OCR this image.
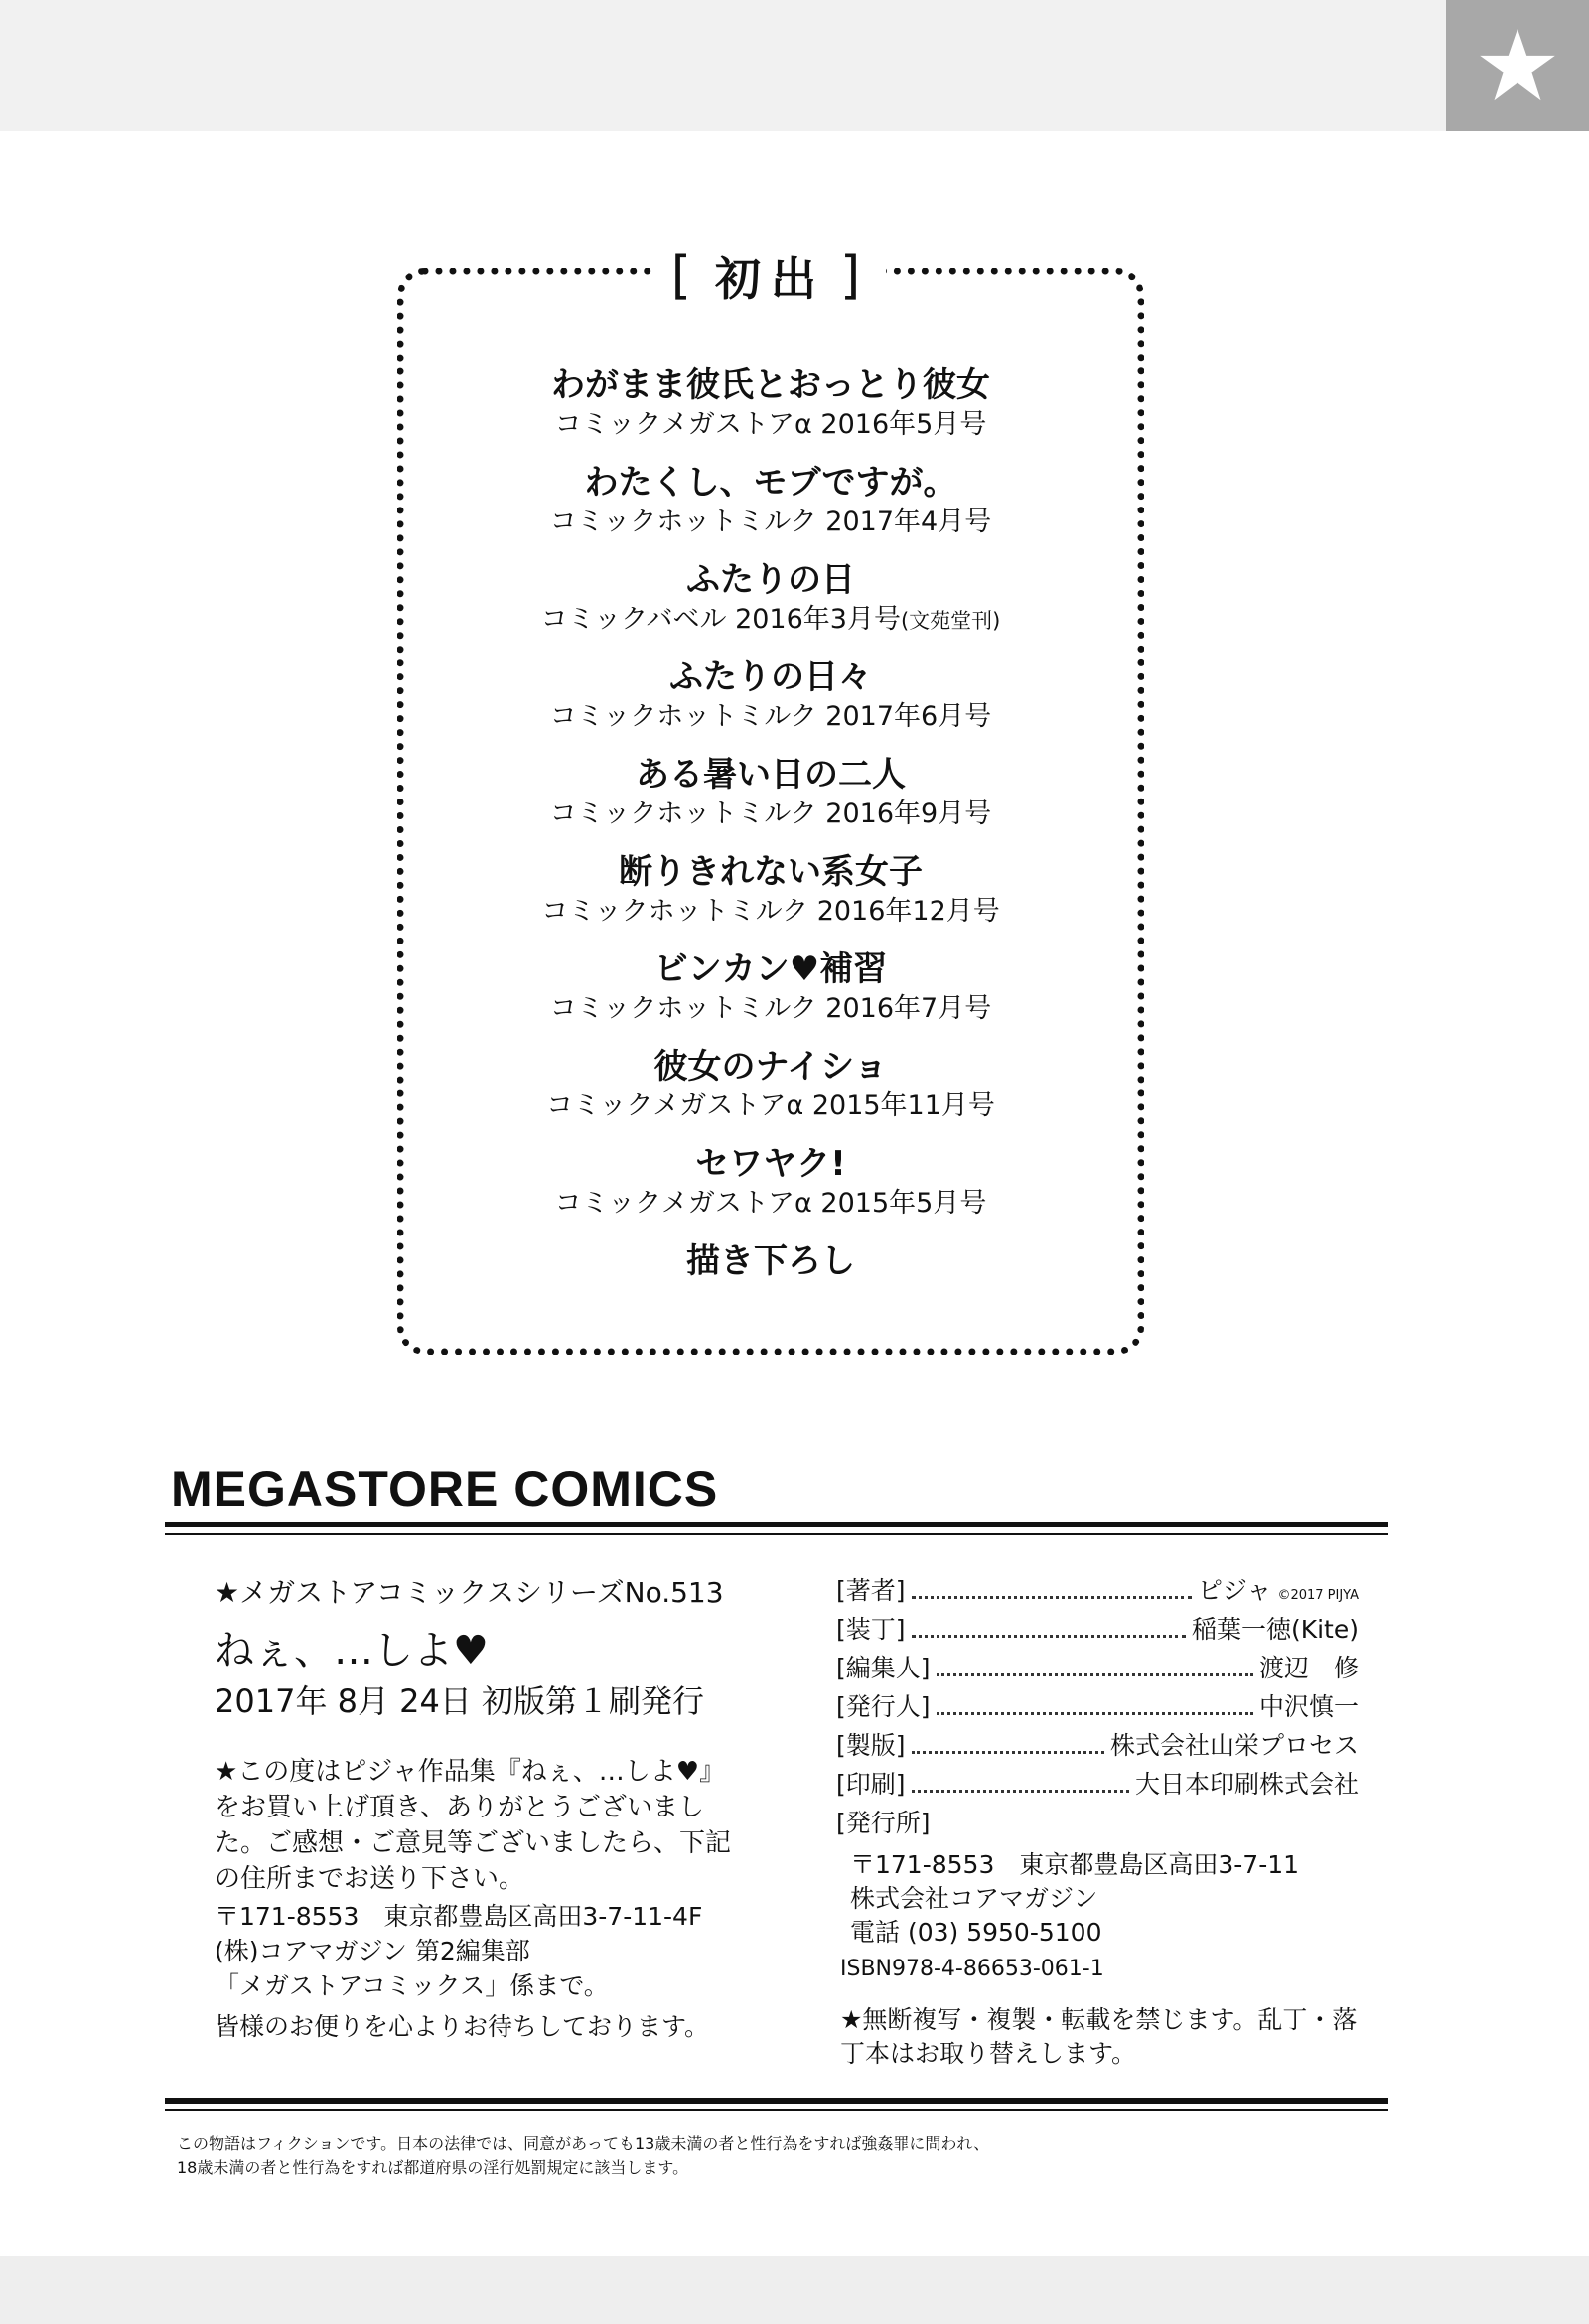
[ 初出 ]
わがまま彼氏とおっとり彼女
コミックメガストアα 2016年5月号
わたくし、モブですが。
コミックホットミルク 2017年4月号
ふたりの日
コミックバベル 2016年3月号(文苑堂刊)
ふたりの日々
コミックホットミルク 2017年6月号
ある暑い日の二人
コミックホットミルク 2016年9月号
断りきれない系女子
コミックホットミルク 2016年12月号
ビンカン♥補習
コミックホットミルク 2016年7月号
彼女のナイショ
コミックメガストアα 2015年11月号
セワヤク!
コミックメガストアα 2015年5月号
描き下ろし
MEGASTORE COMICS
★メガストアコミックスシリーズNo.513
ねぇ、…しよ♥
2017年 8月 24日 初版第１刷発行
★この度はピジャ作品集『ねぇ、…しよ♥』をお買い上げ頂き、ありがとうございました。ご感想・ご意見等ございましたら、下記の住所までお送り下さい。
〒171-8553　東京都豊島区高田3-7-11-4F
(株)コアマガジン 第2編集部
「メガストアコミックス」係まで。
皆様のお便りを心よりお待ちしております。
[著者]	ピジャ ©2017 PIJYA
[装丁]	稲葉一徳(Kite)
[編集人]	渡辺　修
[発行人]	中沢慎一
[製版]	株式会社山栄プロセス
[印刷]	大日本印刷株式会社
[発行所]
〒171-8553　東京都豊島区高田3-7-11
株式会社コアマガジン
電話 (03) 5950-5100
ISBN978-4-86653-061-1
★無断複写・複製・転載を禁じます。乱丁・落丁本はお取り替えします。
この物語はフィクションです。日本の法律では、同意があっても13歳未満の者と性行為をすれば強姦罪に問われ、
18歳未満の者と性行為をすれば都道府県の淫行処罰規定に該当します。
